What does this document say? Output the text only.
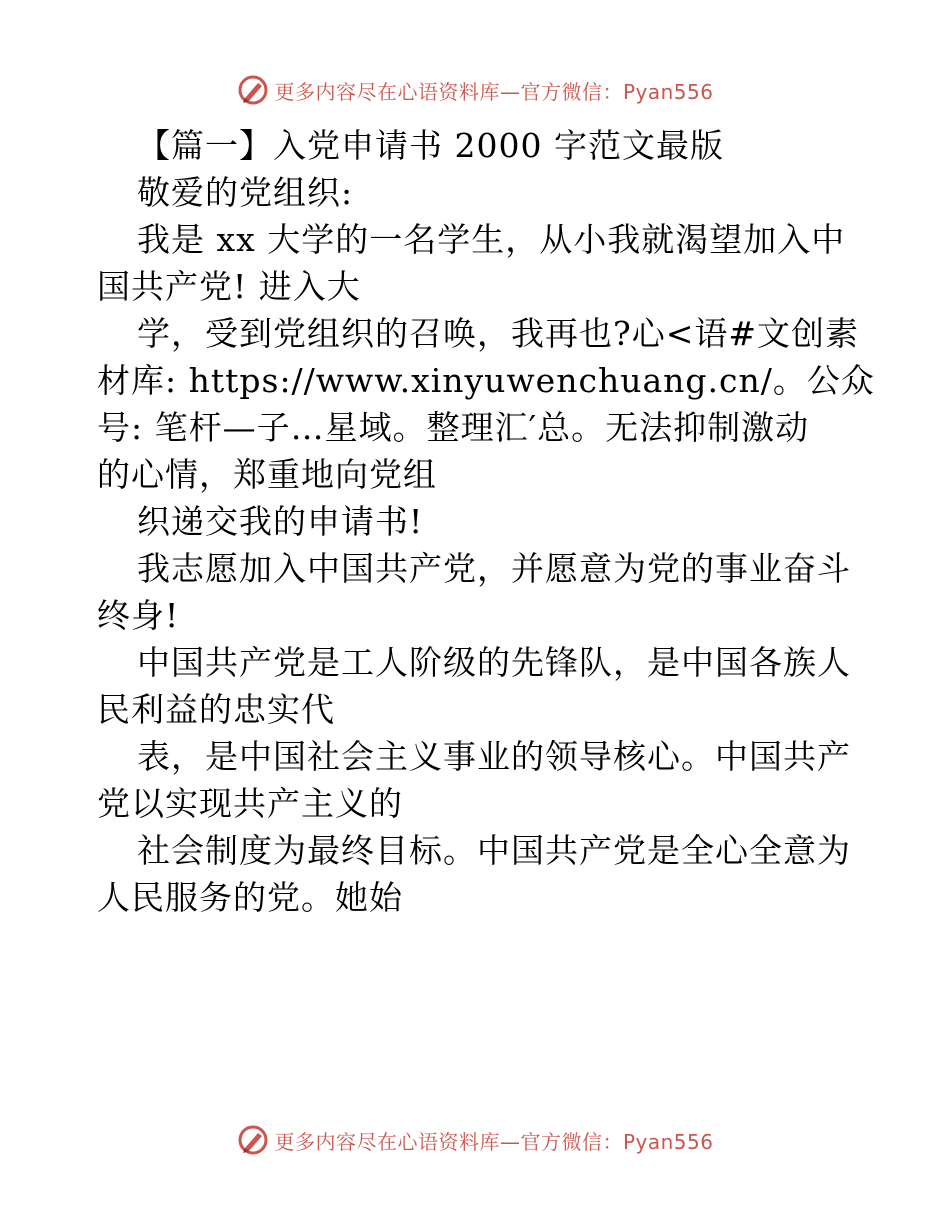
更多内容尽在心语资料库—官方微信：Pyan556
【篇一】入党申请书 2000 字范文最版
敬爱的党组织:
我是 xx 大学的一名学生，从小我就渴望加入中
国共产党! 进入大
学，受到党组织的召唤，我再也?心<语#文创素
材库: https://www.xinyuwenchuang.cn/。公众
号: 笔杆—子…星域。整理汇′总。无法抑制激动
的心情，郑重地向党组
织递交我的申请书!
我志愿加入中国共产党，并愿意为党的事业奋斗
终身!
中国共产党是工人阶级的先锋队，是中国各族人
民利益的忠实代
表，是中国社会主义事业的领导核心。中国共产
党以实现共产主义的
社会制度为最终目标。中国共产党是全心全意为
人民服务的党。她始
更多内容尽在心语资料库—官方微信：Pyan556
